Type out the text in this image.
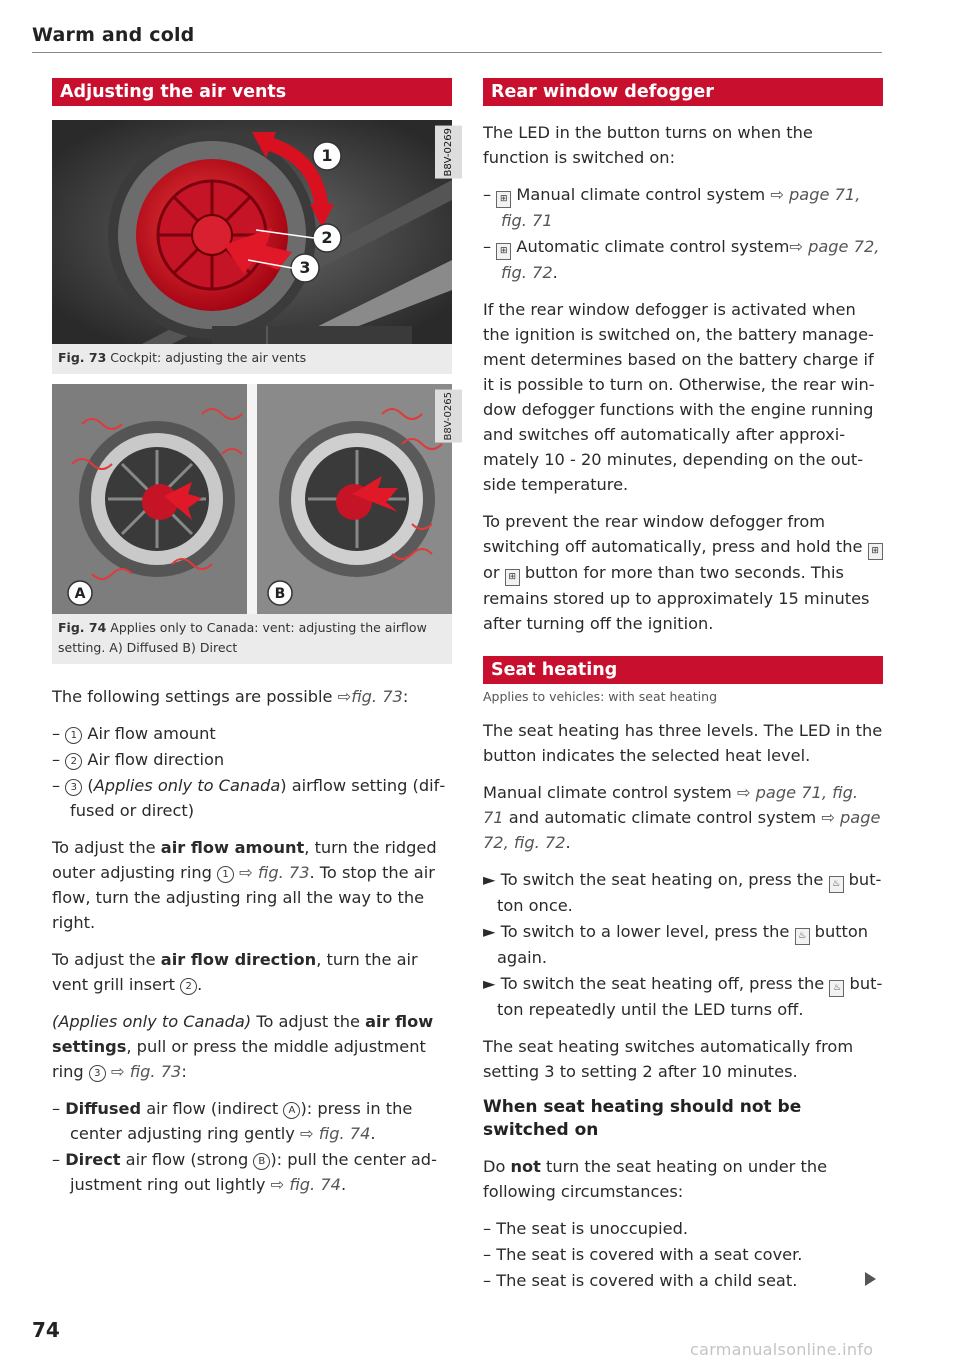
Warm and cold
Adjusting the air vents
1
2
3
B8V-0269
Fig. 73 Cockpit: adjusting the air vents
A	B
B8V-0265
Fig. 74 Applies only to Canada: vent: adjusting the airflow setting. A) Diffused B) Direct

The following settings are possible ⇨fig. 73:

– 1 Air flow amount
– 2 Air flow direction
– 3 (Applies only to Canada) airflow setting (diffused or direct)

To adjust the air flow amount, turn the ridged outer adjusting ring 1 ⇨ fig. 73. To stop the air flow, turn the adjusting ring all the way to the right.

To adjust the air flow direction, turn the air vent grill insert 2 .

(Applies only to Canada) To adjust the air flow settings, pull or press the middle adjustment ring 3 ⇨ fig. 73:

– Diffused air flow (indirect A ): press in the center adjusting ring gently ⇨ fig. 74.
– Direct air flow (strong B ): pull the center adjustment ring out lightly ⇨ fig. 74.
Rear window defogger

The LED in the button turns on when the function is switched on:

– ⊞ Manual climate control system ⇨ page 71, fig. 71
– ⊞ Automatic climate control system⇨ page 72, fig. 72.

If the rear window defogger is activated when the ignition is switched on, the battery management determines based on the battery charge if it is possible to turn on. Otherwise, the rear window defogger functions with the engine running and switches off automatically after approximately 10 - 20 minutes, depending on the outside temperature.

To prevent the rear window defogger from switching off automatically, press and hold the ⊞ or ⊞ button for more than two seconds. This remains stored up to approximately 15 minutes after turning off the ignition.

Seat heating
Applies to vehicles: with seat heating

The seat heating has three levels. The LED in the button indicates the selected heat level.

Manual climate control system ⇨ page 71, fig. 71 and automatic climate control system ⇨ page 72, fig. 72.

► To switch the seat heating on, press the ♨ button once.
► To switch to a lower level, press the ♨ button again.
► To switch the seat heating off, press the ♨ button repeatedly until the LED turns off.

The seat heating switches automatically from setting 3 to setting 2 after 10 minutes.

When seat heating should not be switched on

Do not turn the seat heating on under the following circumstances:

– The seat is unoccupied.
– The seat is covered with a seat cover.
– The seat is covered with a child seat.
74
carmanualsonline.info
